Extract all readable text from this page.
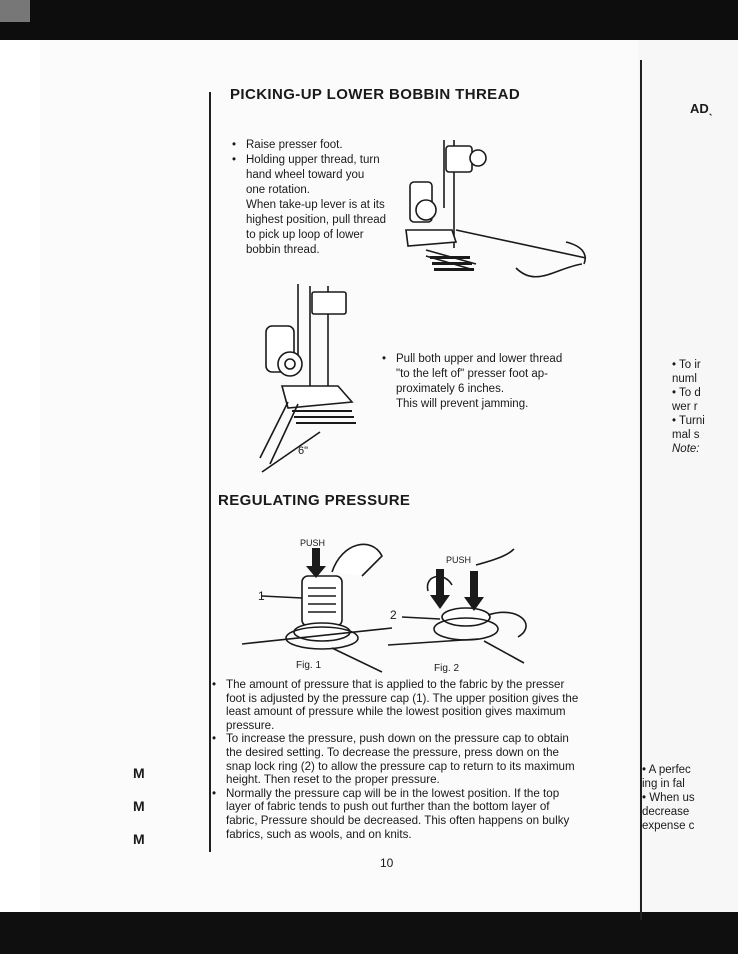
PICKING-UP LOWER BOBBIN THREAD
• Raise presser foot.
• Holding upper thread, turn
hand wheel toward you
one rotation.
When take-up lever is at its
highest position, pull thread
to pick up loop of lower
bobbin thread.
6"
• Pull both upper and lower thread
"to the left of" presser foot ap-
proximately 6 inches.
This will prevent jamming.
REGULATING PRESSURE
PUSH
1
Fig. 1
PUSH
2
Fig. 2
• The amount of pressure that is applied to the fabric by the presser
foot is adjusted by the pressure cap (1). The upper position gives the
least amount of pressure while the lowest position gives maximum
pressure.
• To increase the pressure, push down on the pressure cap to obtain
the desired setting. To decrease the pressure, press down on the
snap lock ring (2) to allow the pressure cap to return to its maximum
height. Then reset to the proper pressure.
• Normally the pressure cap will be in the lowest position. If the top
layer of fabric tends to push out further than the bottom layer of
fabric, Pressure should be decreased. This often happens on bulky
fabrics, such as wools, and on knits.
10
M
M
M
ADˎ
• To ir
numl
• To d
wer r
• Turni
mal s
Note:
• A perfec
ing in fal
• When us
decrease
expense c
